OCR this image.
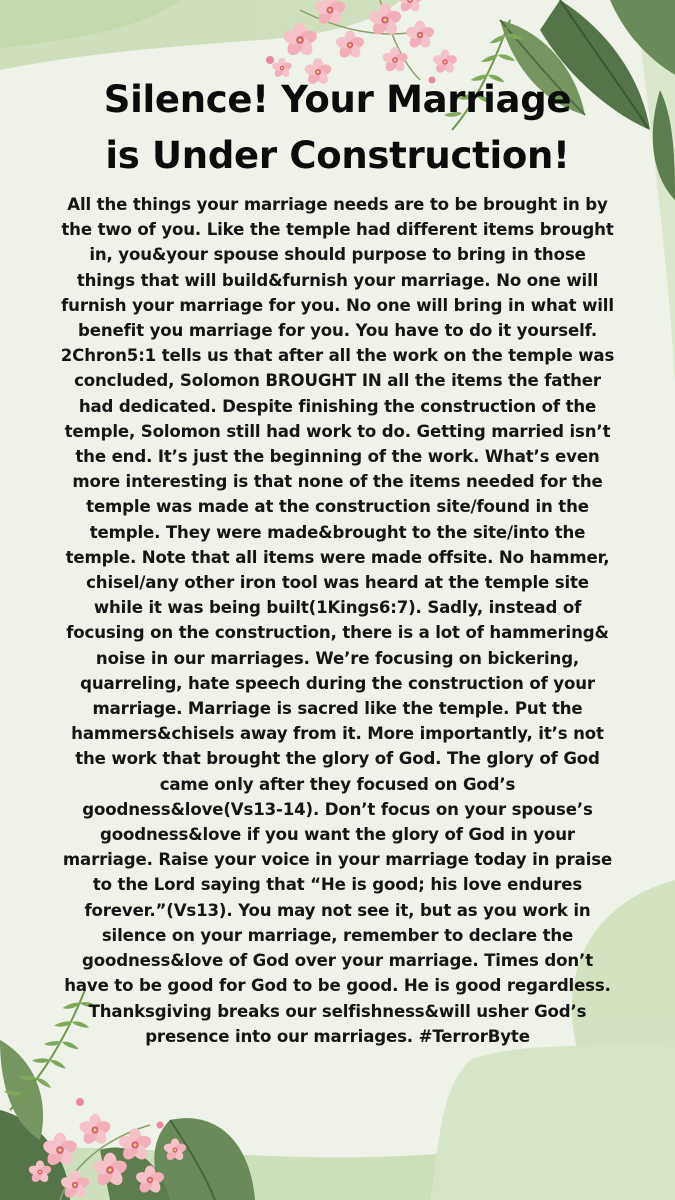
Silence! Your Marriage
is Under Construction!

All the things your marriage needs are to be brought in by the two of you. Like the temple had different items brought in, you&your spouse should purpose to bring in those things that will build&furnish your marriage. No one will furnish your marriage for you. No one will bring in what will benefit you marriage for you. You have to do it yourself. 2Chron5:1 tells us that after all the work on the temple was concluded, Solomon BROUGHT IN all the items the father had dedicated. Despite finishing the construction of the temple, Solomon still had work to do. Getting married isn’t the end. It’s just the beginning of the work. What’s even more interesting is that none of the items needed for the temple was made at the construction site/found in the temple. They were made&brought to the site/into the temple. Note that all items were made offsite. No hammer, chisel/any other iron tool was heard at the temple site while it was being built(1Kings6:7). Sadly, instead of focusing on the construction, there is a lot of hammering& noise in our marriages. We’re focusing on bickering, quarreling, hate speech during the construction of your marriage. Marriage is sacred like the temple. Put the hammers&chisels away from it. More importantly, it’s not the work that brought the glory of God. The glory of God came only after they focused on God’s goodness&love(Vs13-14). Don’t focus on your spouse’s goodness&love if you want the glory of God in your marriage. Raise your voice in your marriage today in praise to the Lord saying that “He is good; his love endures forever.”(Vs13). You may not see it, but as you work in silence on your marriage, remember to declare the goodness&love of God over your marriage. Times don’t have to be good for God to be good. He is good regardless. Thanksgiving breaks our selfishness&will usher God’s presence into our marriages. #TerrorByte
